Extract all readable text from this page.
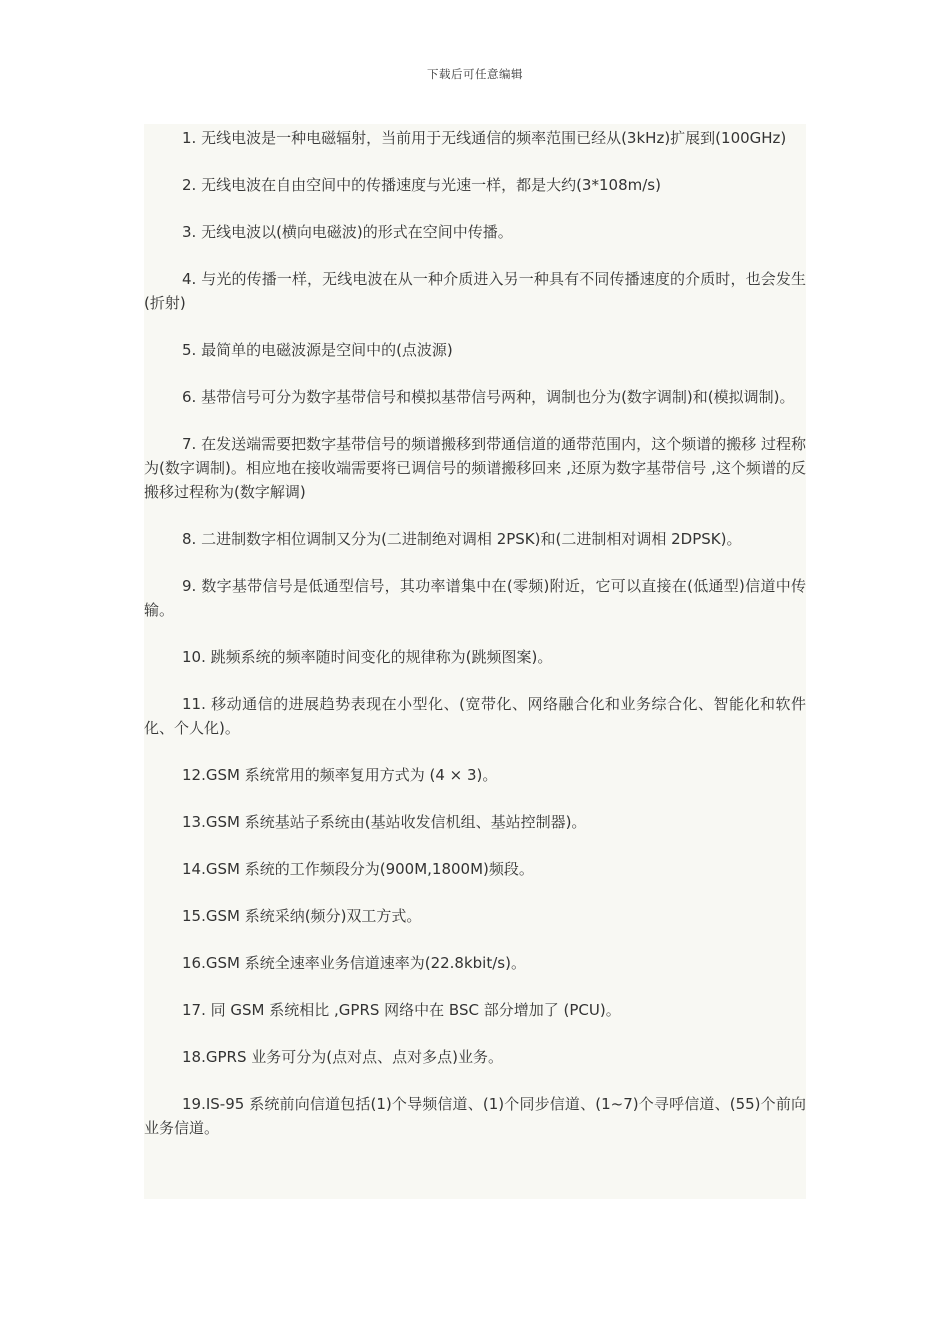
下载后可任意编辑

1. 无线电波是一种电磁辐射，当前用于无线通信的频率范围已经从(3kHz)扩展到(100GHz)

2. 无线电波在自由空间中的传播速度与光速一样，都是大约(3*108m/s)

3. 无线电波以(横向电磁波)的形式在空间中传播。

4. 与光的传播一样，无线电波在从一种介质进入另一种具有不同传播速度的介质时，也会发生(折射)

5. 最简单的电磁波源是空间中的(点波源)

6. 基带信号可分为数字基带信号和模拟基带信号两种，调制也分为(数字调制)和(模拟调制)。

7. 在发送端需要把数字基带信号的频谱搬移到带通信道的通带范围内，这个频谱的搬移 过程称为(数字调制)。相应地在接收端需要将已调信号的频谱搬移回来 ,还原为数字基带信号 ,这个频谱的反搬移过程称为(数字解调)

8. 二进制数字相位调制又分为(二进制绝对调相 2PSK)和(二进制相对调相 2DPSK)。

9. 数字基带信号是低通型信号，其功率谱集中在(零频)附近，它可以直接在(低通型)信道中传输。

10. 跳频系统的频率随时间变化的规律称为(跳频图案)。

11. 移动通信的进展趋势表现在小型化、(宽带化、网络融合化和业务综合化、智能化和软件化、个人化)。

12.GSM 系统常用的频率复用方式为 (4 × 3)。

13.GSM 系统基站子系统由(基站收发信机组、基站控制器)。

14.GSM 系统的工作频段分为(900M,1800M)频段。

15.GSM 系统采纳(频分)双工方式。

16.GSM 系统全速率业务信道速率为(22.8kbit/s)。

17. 同 GSM 系统相比 ,GPRS 网络中在 BSC 部分增加了 (PCU)。

18.GPRS 业务可分为(点对点、点对多点)业务。

19.IS-95 系统前向信道包括(1)个导频信道、(1)个同步信道、(1~7)个寻呼信道、(55)个前向业务信道。
